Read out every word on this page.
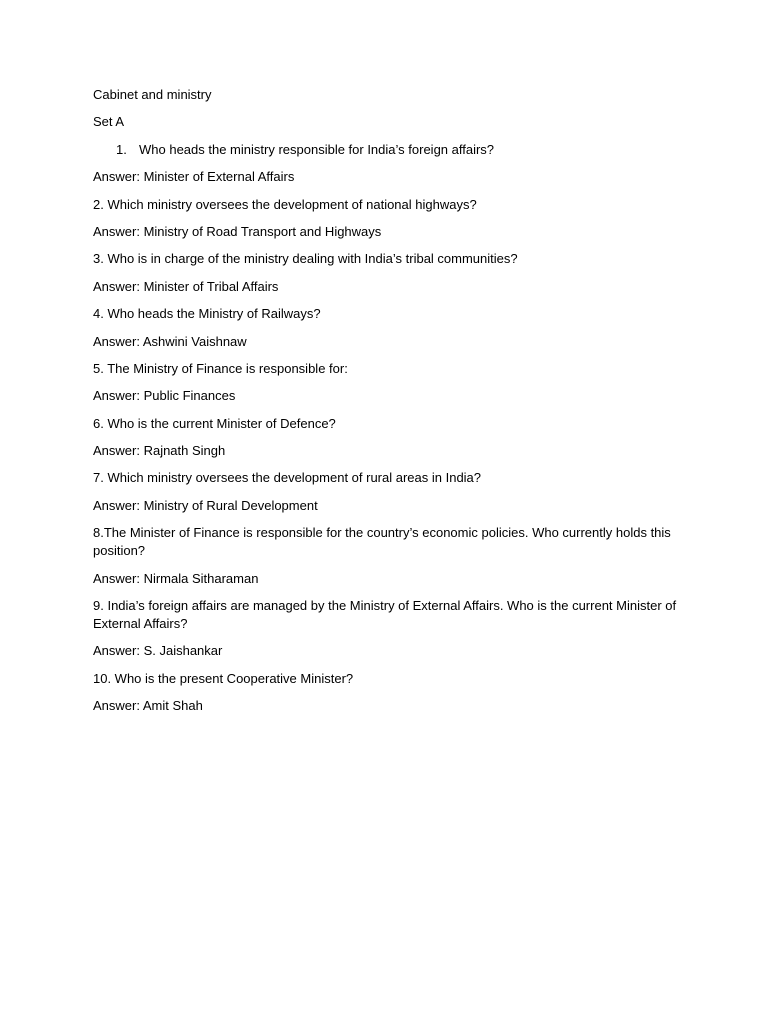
Cabinet and ministry

Set A

1. Who heads the ministry responsible for India’s foreign affairs?

Answer: Minister of External Affairs

2. Which ministry oversees the development of national highways?

Answer: Ministry of Road Transport and Highways

3. Who is in charge of the ministry dealing with India’s tribal communities?

Answer: Minister of Tribal Affairs

4. Who heads the Ministry of Railways?

Answer: Ashwini Vaishnaw

5. The Ministry of Finance is responsible for:

Answer: Public Finances

6. Who is the current Minister of Defence?

Answer: Rajnath Singh

7. Which ministry oversees the development of rural areas in India?

Answer: Ministry of Rural Development

8.The Minister of Finance is responsible for the country’s economic policies. Who currently holds this position?

Answer: Nirmala Sitharaman

9. India’s foreign affairs are managed by the Ministry of External Affairs. Who is the current Minister of External Affairs?

Answer: S. Jaishankar

10. Who is the present Cooperative Minister?

Answer: Amit Shah
